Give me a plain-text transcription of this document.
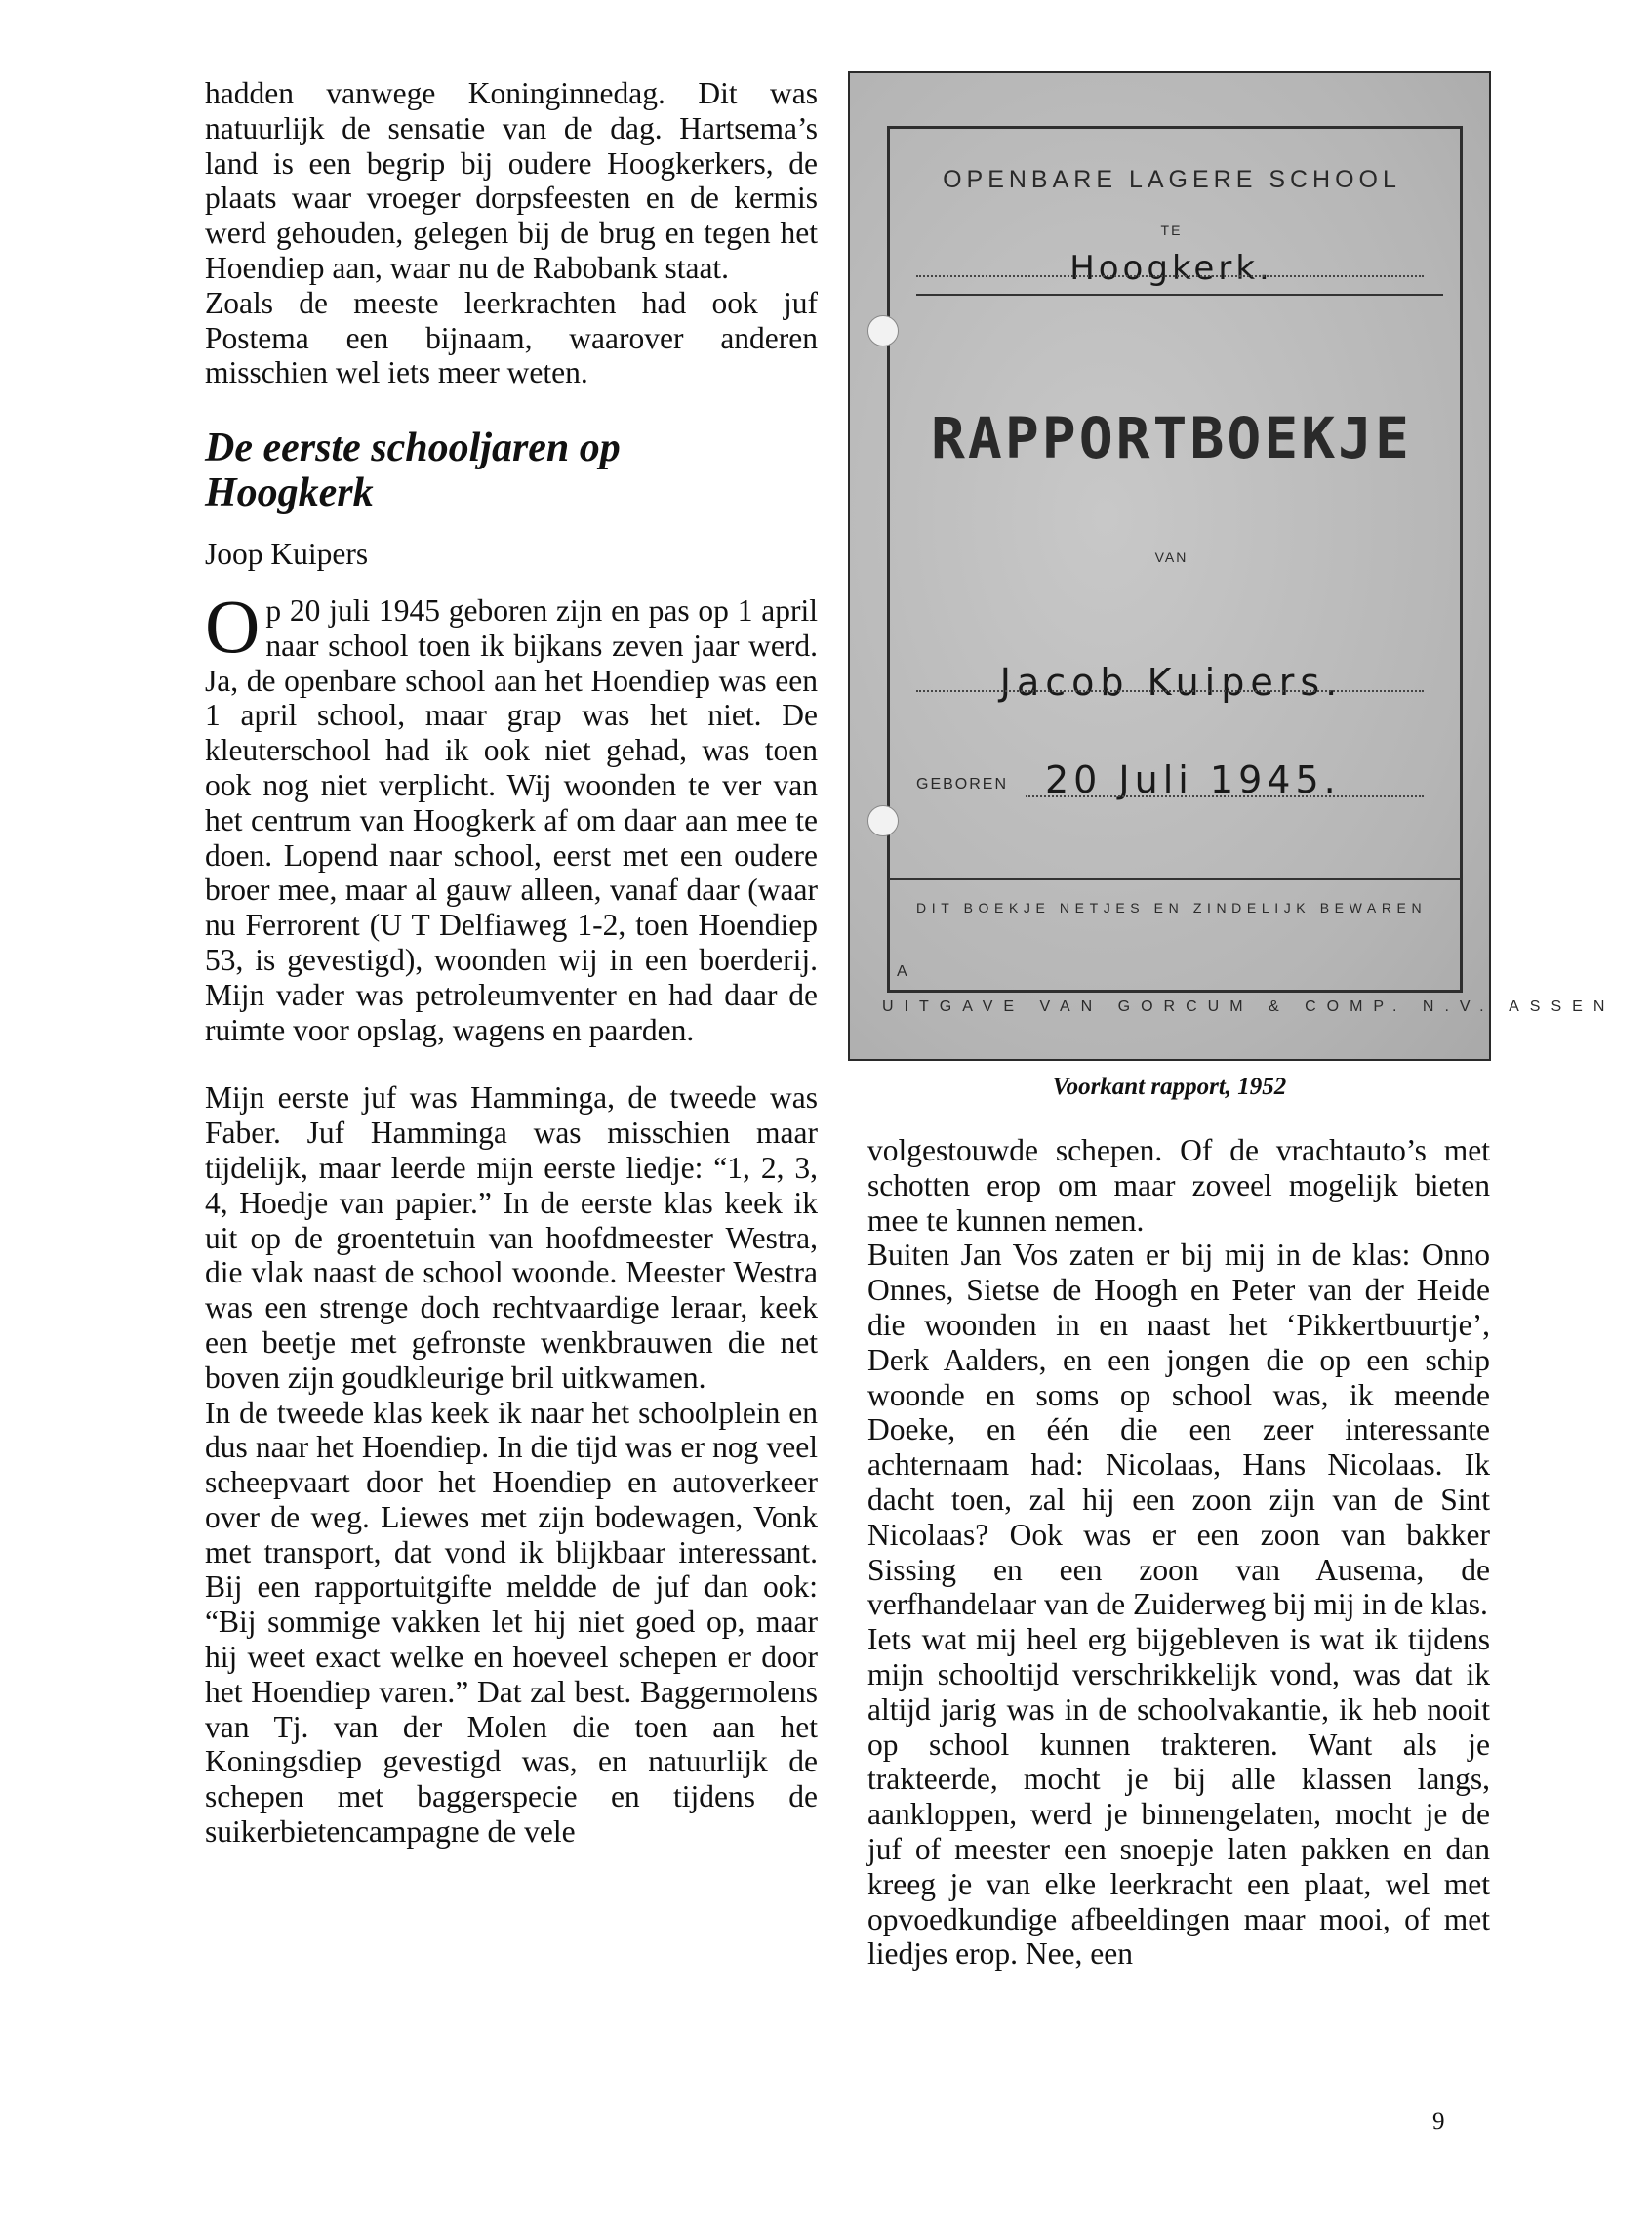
hadden vanwege Koninginnedag. Dit was natuurlijk de sensatie van de dag. Hartsema’s land is een begrip bij oudere Hoogkerkers, de plaats waar vroeger dorpsfeesten en de kermis werd gehouden, gelegen bij de brug en tegen het Hoendiep aan, waar nu de Rabobank staat.

Zoals de meeste leerkrachten had ook juf Postema een bijnaam, waarover anderen misschien wel iets meer weten.

De eerste schooljaren op Hoogkerk
Joop Kuipers

Op 20 juli 1945 geboren zijn en pas op 1 april naar school toen ik bijkans zeven jaar werd. Ja, de openbare school aan het Hoendiep was een 1 april school, maar grap was het niet. De kleuterschool had ik ook niet gehad, was toen ook nog niet verplicht. Wij woonden te ver van het centrum van Hoogkerk af om daar aan mee te doen. Lopend naar school, eerst met een oudere broer mee, maar al gauw alleen, vanaf daar (waar nu Ferrorent (U T Delfiaweg 1-2, toen Hoendiep 53, is gevestigd), woonden wij in een boerderij. Mijn vader was petroleumventer en had daar de ruimte voor opslag, wagens en paarden.

Mijn eerste juf was Hamminga, de tweede was Faber. Juf Hamminga was misschien maar tijdelijk, maar leerde mijn eerste liedje: “1, 2, 3, 4, Hoedje van papier.” In de eerste klas keek ik uit op de groentetuin van hoofdmeester Westra, die vlak naast de school woonde. Meester Westra was een strenge doch rechtvaardige leraar, keek een beetje met gefronste wenkbrauwen die net boven zijn goudkleurige bril uitkwamen.

In de tweede klas keek ik naar het schoolplein en dus naar het Hoendiep. In die tijd was er nog veel scheepvaart door het Hoendiep en autoverkeer over de weg. Liewes met zijn bodewagen, Vonk met transport, dat vond ik blijkbaar interessant. Bij een rapportuitgifte meldde de juf dan ook: “Bij sommige vakken let hij niet goed op, maar hij weet exact welke en hoeveel schepen er door het Hoendiep varen.” Dat zal best. Baggermolens van Tj. van der Molen die toen aan het Koningsdiep gevestigd was, en natuurlijk de schepen met baggerspecie en tijdens de suikerbietencampagne de vele

OPENBARE LAGERE SCHOOL
TE
Hoogkerk.
RAPPORTBOEKJE
VAN
Jacob Kuipers.
GEBOREN 20 Juli 1945.
DIT BOEKJE NETJES EN ZINDELIJK BEWAREN
A
UITGAVE VAN GORCUM & COMP. N.V. ASSEN
Voorkant rapport, 1952

volgestouwde schepen. Of de vrachtauto’s met schotten erop om maar zoveel mogelijk bieten mee te kunnen nemen.

Buiten Jan Vos zaten er bij mij in de klas: Onno Onnes, Sietse de Hoogh en Peter van der Heide die woonden in en naast het ‘Pikkertbuurtje’, Derk Aalders, en een jongen die op een schip woonde en soms op school was, ik meende Doeke, en één die een zeer interessante achternaam had: Nicolaas, Hans Nicolaas. Ik dacht toen, zal hij een zoon zijn van de Sint Nicolaas? Ook was er een zoon van bakker Sissing en een zoon van Ausema, de verfhandelaar van de Zuiderweg bij mij in de klas.

Iets wat mij heel erg bijgebleven is wat ik tijdens mijn schooltijd verschrikkelijk vond, was dat ik altijd jarig was in de schoolvakantie, ik heb nooit op school kunnen trakteren. Want als je trakteerde, mocht je bij alle klassen langs, aankloppen, werd je binnengelaten, mocht je de juf of meester een snoepje laten pakken en dan kreeg je van elke leerkracht een plaat, wel met opvoedkundige afbeeldingen maar mooi, of met liedjes erop. Nee, een

9
